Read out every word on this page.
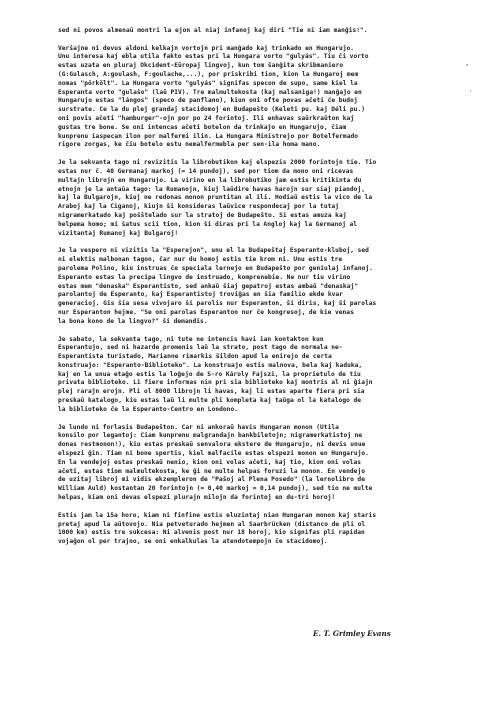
sed ni povos almenaŭ montri la ejon al niaj infanoj kaj diri "Tie ni iam manĝis!".
Verŝajne ni devus aldoni kelkajn vortojn pri manĝado kaj trinkado en Hungarujo.
Unu interesa kaj ebla utila fakto estas pri la Hungara vorto "gulyás". Tiu ĉi vorto
estas uzata en pluraj Okcident-Eŭropaj lingvoj, kun tom ŝanĝita skribmaniero
(G:Gulasch, A:goulash, F:goulache,...), por priskribi tion, kion la Hungaroj mem
nomas "pörkölt". La Hungara vorto "gulyás" signifas specon de supo, same kiel la
Esperanta vorto "gulaŝo" (laŭ PIV). Tre malmultekosta (kaj malsaniga!) manĝaĵo en
Hungarujo estas "lángos" (speco de panflano), kiun oni ofte povas aĉeti ĉe budoj
surstrate. Ĉe la du plej grandaj stacidomoj en Budapeŝto (Keleti pu. kaj Déli pu.)
oni povis aĉeti "hamburger"-ojn por po 24 forintoj. Ili enhavas saŭrkraŭton kaj
gustas tre bone. Se oni intencas aĉeti botelon da trinkaĵo en Hungarujo, ĉiam
kunprenu iaspecan ilon por malfermi ilin. La Hungara Ministrejo por Botelfermado
rigore zorgas, ke ĉiu botelo estu nemalfermebla per sen-ila homa mano.
Je la sekvanta tago ni revizitis la librobutikon kaj elspezis 2000 forintojn tie. Tio
estas nur ĉ. 40 Germanaj markoj (= 14 pundoj), sed por tiom da mono oni ricevas
multajn librojn en Hungarujo. La virino en la librobutiko jam estis kritikinta du
etnojn je la antaŭa tago: la Rumanojn, kiuj laŭdire havas harojn sur siaj piandoj,
kaj la Bulgarojn, kiuj ne redonas monon pruntitan al ili. Hodiaŭ estis la vico de la
Araboj kaj la Ciganoj, kiujn ŝi konsideras laŭvice respondecaj por la tutaj
nigramerkatado kaj poŝŝtelado sur la stratoj de Budapeŝto. Ŝi estas amuza kaj
helpema homo; mi ŝatus scii tion, kion ŝi diras pri la Angloj kaj la Germanoj al
vizitantaj Rumanoj kaj Bulgaroj!
Je la vespero ni vizitis la "Esperejon", unu el la Budapeŝtaj Esperanto-kluboj, sed
ni elektis malbonan tagon, ĉar nur du homoj estis tie krom ni. Unu estis tre
parolema Polino, kiu instruas ĉe speciala lernejo en Budapeŝto por geniulaj infanoj.
Esperanto estas la precipa lingvo de instruado, komprenebie. Ne nur tiu virino
estas mem "denaska" Esperantisto, sed ankaŭ ŝiaj gepatroj estas ambaŭ "denaskaj"
parolantoj de Esperanto, kaj Esperantistoj troviĝas en ŝia familio ekde kvar
generacioj. Ĝis ŝia sesa vivojaro ŝi parolis nur Esperanton, ŝi diris, kaj ŝi parolas
nur Esperanton hejme. "Se oni parolas Esperanton nur ĉe kongresoj, de kie venas
la bona kono de la lingvo?" ŝi demandis.
Je sabato, la sekvanta tago, ni tute ne intencis havi ian kontakton kun
Esperantujo, sed ni hazarde promenis laŭ la strato, post tago de normala ne-
Esperantista turistado, Marianne rimarkis ŝildon apud la enirejo de certa
konstruaĵo: "Esperanto-Biblioteko". La konstruaĵo estis malnova, bela kaj kaduka,
kaj en la unua etaĝo estis la loĝejo de S-ro Károly Fajszi, la proprietulo de tiu
privata biblioteko. Li fiere informas nin pri sia biblioteko kaj montris al ni ĝiajn
plej raraĵn erojn. Pli ol 8000 librojn li havas, kaj li estas aparte fiera pri sia
preskaŭ katalogo, kiu estas laŭ li multe pli kompleta kaj taŭga ol la katalogo de
la biblioteko ĉe la Esperanto-Centro en Londono.
Je lundo ni forlasis Budapeŝton. Car ni ankoraŭ havis Hungaran monon (Utila
konsilo por legantoj: Ĉiam kunprenu malgrandajn bankbiletojn; nigramerkatistoj ne
donas restmonon!), kiu estas preskaŭ senvalora ekstere de Hungarujo, ni devis unue
elspezi ĝin. Tiam ni bone spertis, kiel malfacile estas elspezi monon en Hungarujo.
En la vendejoj estas preskaŭ nenio, kion oni volas aĉeti, kaj tio, kion oni volas
aĉeti, estas tiom malmultekosta, ke ĝi ne multe helpas foruzi la monon. En vendejo
de uzitaj libroj mi vidis ekzempleron de "Paŝoj al Plena Posedo" (la lernolibro de
William Auld) kostantan 20 forintojn (= 0,40 markoj = 0,14 pundoj), sed tio ne multe
helpas, kiam oni devas elspezi plurajn milojn da forintoj en du-tri horoj!
Estis jam la 15a horo, kiam ni finfine estis eluzintaj nian Hungaran monon kaj staris
pretaj apud la aŭtovojo. Nia petveturado hejmen al Saarbrücken (distanco de pli ol
1000 km) estis tre sukcesa: Ni alvenis post nur 18 horoj, kio signifas pli rapidan
vojaĝon ol per trajno, se oni enkalkulas la atendotempojn ĉe stacidomoj.
E. T. Grimley Evans
